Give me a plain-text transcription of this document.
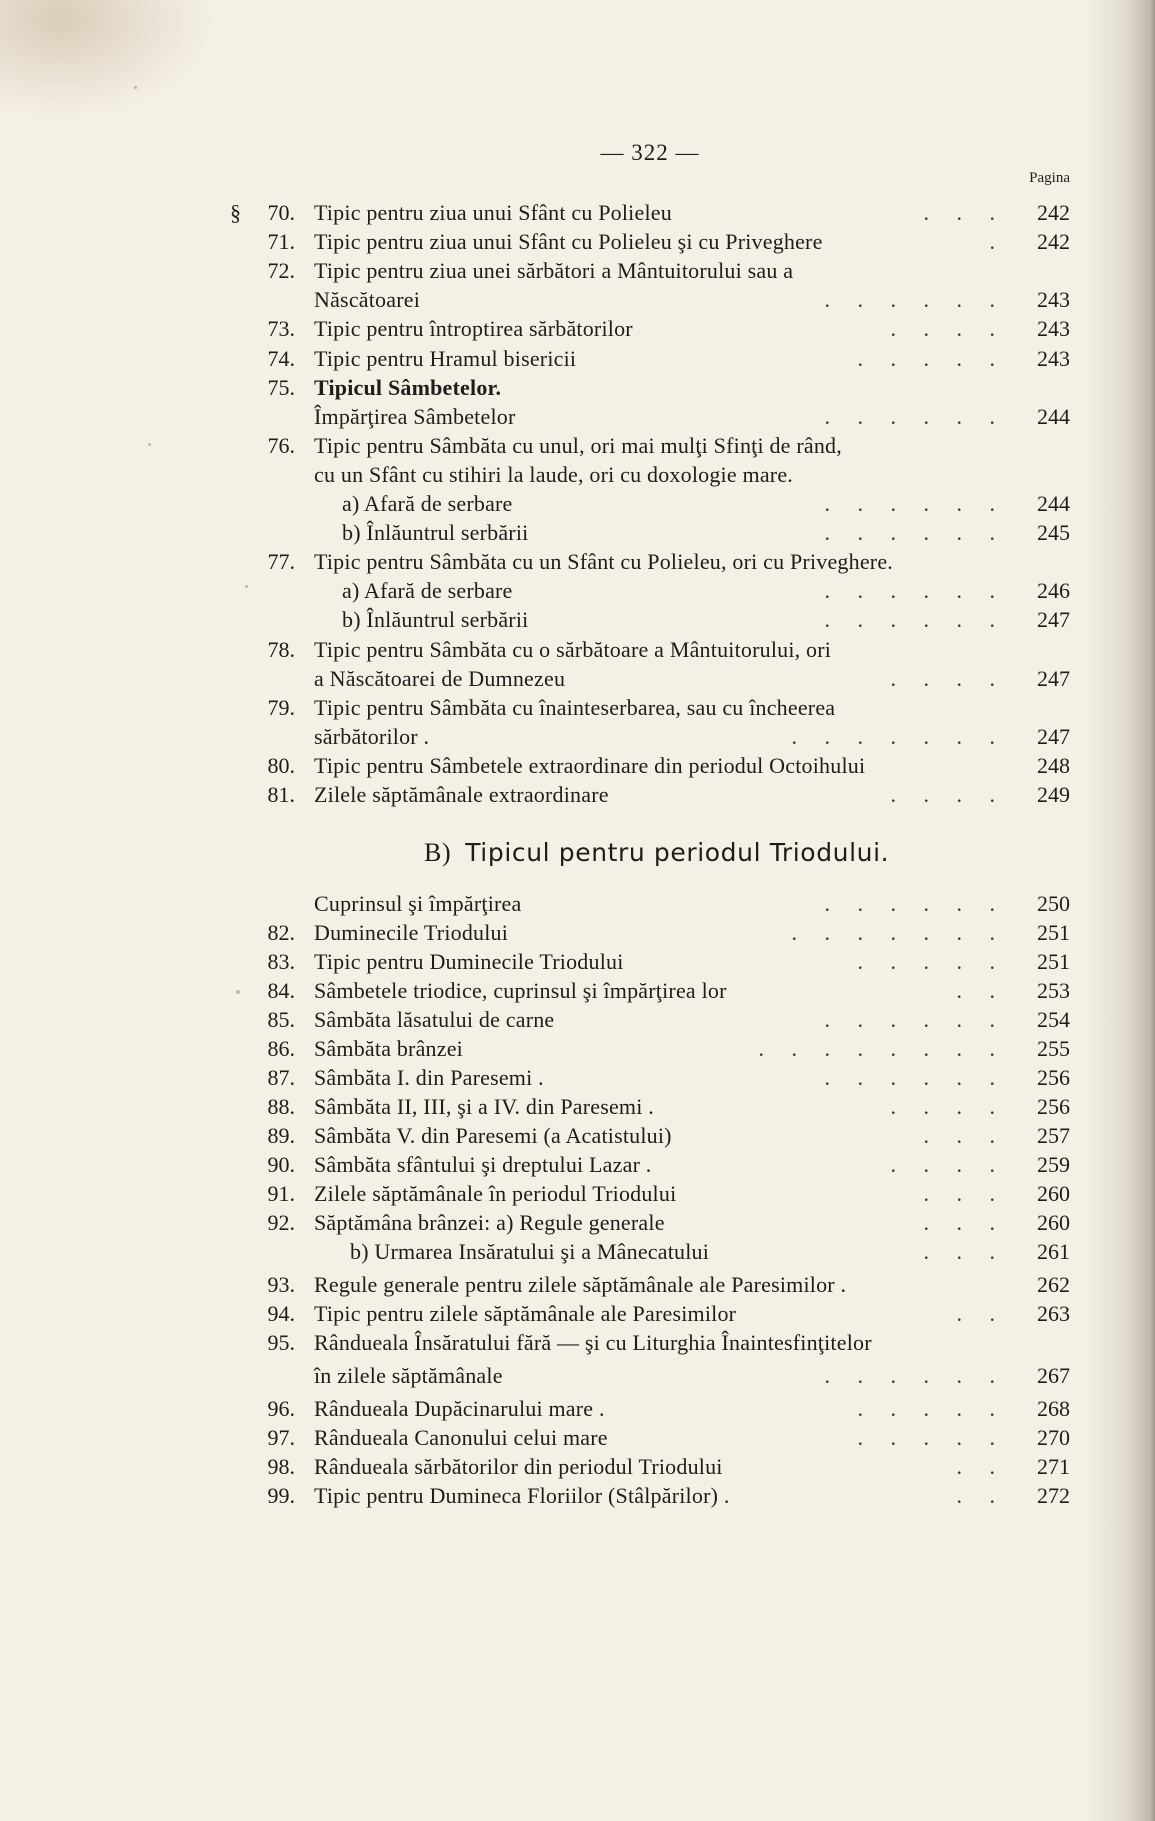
— 322 —
Pagina
§	70. Tipic pentru ziua unui Sfânt cu Polieleu	.     .     .	242
71. Tipic pentru ziua unui Sfânt cu Polieleu şi cu Priveghere	.	242
72. Tipic pentru ziua unei sărbători a Mântuitorului sau a
Născătoarei	.     .     .     .     .     .	243
73. Tipic pentru întroptirea sărbătorilor	.     .     .     .	243
74. Tipic pentru Hramul bisericii	.     .     .     .     .	243
75. Tipicul Sâmbetelor.
Împărţirea Sâmbetelor	.     .     .     .     .     .	244
76. Tipic pentru Sâmbăta cu unul, ori mai mulţi Sfinţi de rând,
cu un Sfânt cu stihiri la laude, ori cu doxologie mare.
a) Afară de serbare	.     .     .     .     .     .	244
b) Înlăuntrul serbării	.     .     .     .     .     .	245
77. Tipic pentru Sâmbăta cu un Sfânt cu Polieleu, ori cu Priveghere.
a) Afară de serbare	.     .     .     .     .     .	246
b) Înlăuntrul serbării	.     .     .     .     .     .	247
78. Tipic pentru Sâmbăta cu o sărbătoare a Mântuitorului, ori
a Născătoarei de Dumnezeu	.     .     .     .	247
79. Tipic pentru Sâmbăta cu înainteserbarea, sau cu încheerea
sărbătorilor .	.     .     .     .     .     .     .	247
80. Tipic pentru Sâmbetele extraordinare din periodul Octoihului	248
81. Zilele săptămânale extraordinare	.     .     .     .	249
B) Tipicul pentru periodul Triodului.
Cuprinsul şi împărţirea	.     .     .     .     .     .	250
82. Duminecile Triodului	.     .     .     .     .     .     .	251
83. Tipic pentru Duminecile Triodului	.     .     .     .     .	251
84. Sâmbetele triodice, cuprinsul şi împărţirea lor	.     .	253
85. Sâmbăta lăsatului de carne	.     .     .     .     .     .	254
86. Sâmbăta brânzei	.     .     .     .     .     .     .     .	255
87. Sâmbăta I. din Paresemi .	.     .     .     .     .     .	256
88. Sâmbăta II, III, şi a IV. din Paresemi .	.     .     .     .	256
89. Sâmbăta V. din Paresemi (a Acatistului)	.     .     .	257
90. Sâmbăta sfântului şi dreptului Lazar .	.     .     .     .	259
91. Zilele săptămânale în periodul Triodului	.     .     .	260
92. Săptămâna brânzei: a) Regule generale	.     .     .	260
b) Urmarea Insăratului şi a Mânecatului	.     .     .	261
93. Regule generale pentru zilele săptămânale ale Paresimilor .	262
94. Tipic pentru zilele săptămânale ale Paresimilor	.     .	263
95. Rândueala Însăratului fără — şi cu Liturghia Înaintesfinţitelor
în zilele săptămânale	.     .     .     .     .     .	267
96. Rândueala Dupăcinarului mare .	.     .     .     .     .	268
97. Rândueala Canonului celui mare	.     .     .     .     .	270
98. Rândueala sărbătorilor din periodul Triodului	.     .	271
99. Tipic pentru Dumineca Floriilor (Stâlpărilor) .	.     .	272
